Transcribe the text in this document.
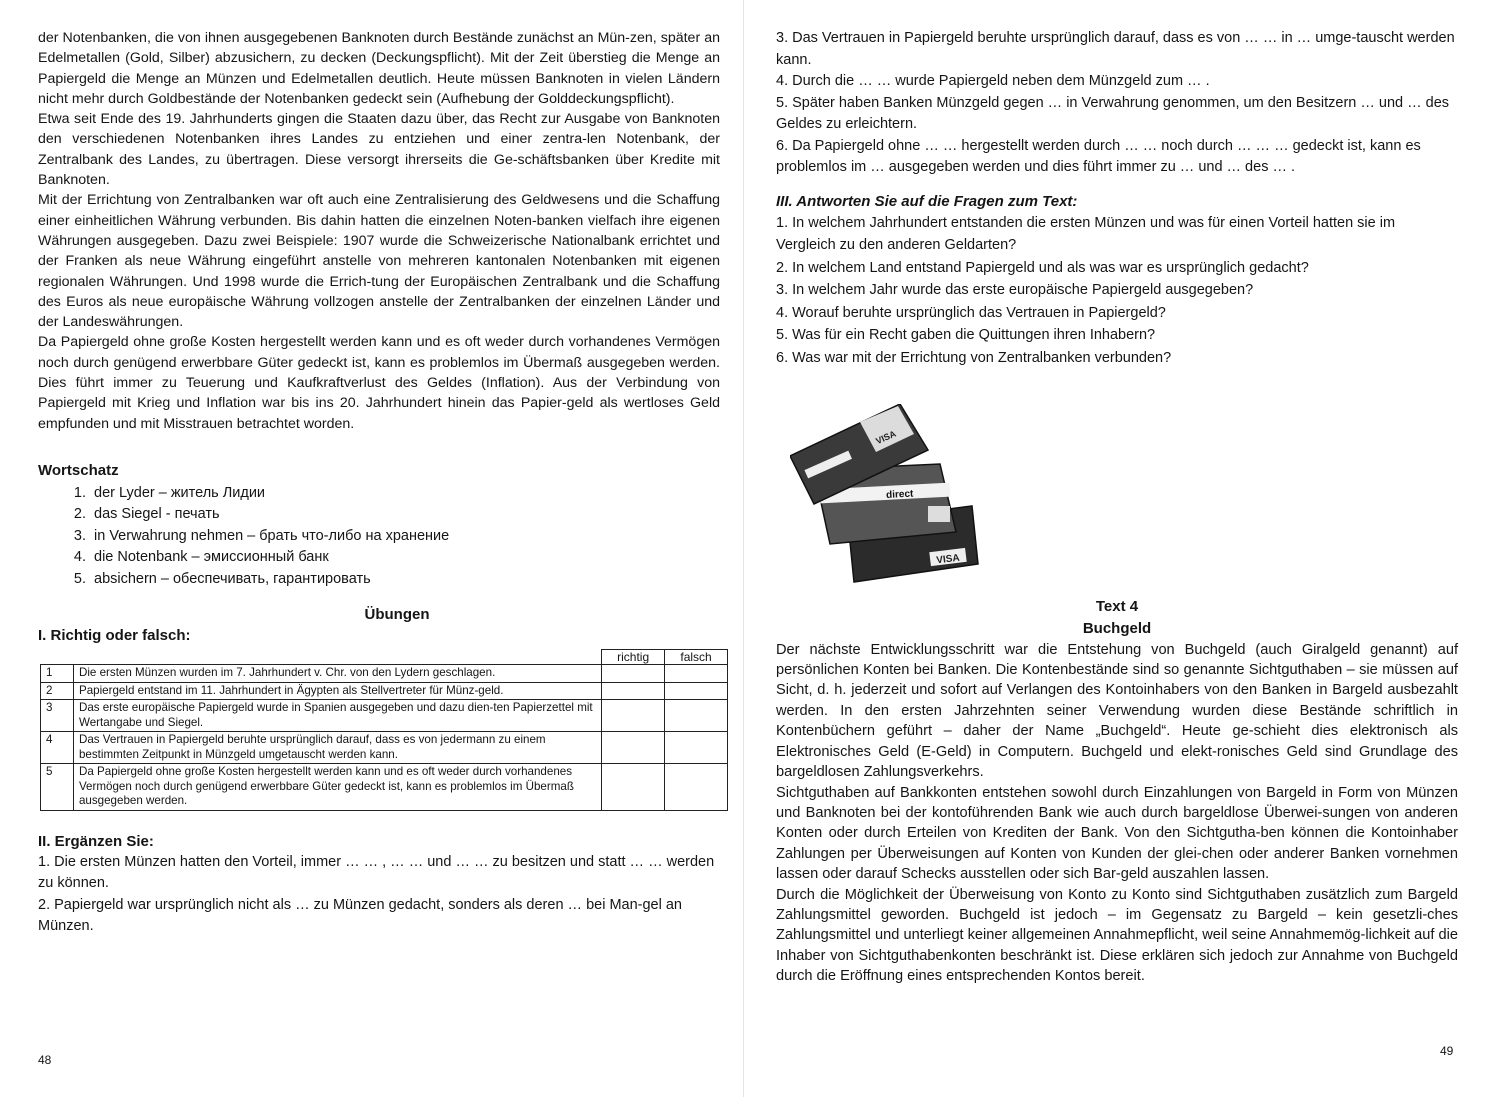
der Notenbanken, die von ihnen ausgegebenen Banknoten durch Bestände zunächst an Mün-zen, später an Edelmetallen (Gold, Silber) abzusichern, zu decken (Deckungspflicht). Mit der Zeit überstieg die Menge an Papiergeld die Menge an Münzen und Edelmetallen deutlich. Heute müssen Banknoten in vielen Ländern nicht mehr durch Goldbestände der Notenbanken gedeckt sein (Aufhebung der Golddeckungspflicht).

Etwa seit Ende des 19. Jahrhunderts gingen die Staaten dazu über, das Recht zur Ausgabe von Banknoten den verschiedenen Notenbanken ihres Landes zu entziehen und einer zentra-len Notenbank, der Zentralbank des Landes, zu übertragen. Diese versorgt ihrerseits die Ge-schäftsbanken über Kredite mit Banknoten.

Mit der Errichtung von Zentralbanken war oft auch eine Zentralisierung des Geldwesens und die Schaffung einer einheitlichen Währung verbunden. Bis dahin hatten die einzelnen Noten-banken vielfach ihre eigenen Währungen ausgegeben. Dazu zwei Beispiele: 1907 wurde die Schweizerische Nationalbank errichtet und der Franken als neue Währung eingeführt anstelle von mehreren kantonalen Notenbanken mit eigenen regionalen Währungen. Und 1998 wurde die Errich-tung der Europäischen Zentralbank und die Schaffung des Euros als neue europäische Währung vollzogen anstelle der Zentralbanken der einzelnen Länder und der Landeswährungen.

Da Papiergeld ohne große Kosten hergestellt werden kann und es oft weder durch vorhandenes Vermögen noch durch genügend erwerbbare Güter gedeckt ist, kann es problemlos im Übermaß ausgegeben werden. Dies führt immer zu Teuerung und Kaufkraftverlust des Geldes (Inflation). Aus der Verbindung von Papiergeld mit Krieg und Inflation war bis ins 20. Jahrhundert hinein das Papier-geld als wertloses Geld empfunden und mit Misstrauen betrachtet worden.

Wortschatz

1. der Lyder – житель Лидии
2. das Siegel - печать
3. in Verwahrung nehmen – брать что-либо на хранение
4. die Notenbank – эмиссионный банк
5. absichern – обеспечивать, гарантировать

Übungen

I. Richtig oder falsch:

		richtig	falsch
1	Die ersten Münzen wurden im 7. Jahrhundert v. Chr. von den Lydern geschlagen.		
2	Papiergeld entstand im 11. Jahrhundert in Ägypten als Stellvertreter für Münz-geld.		
3	Das erste europäische Papiergeld wurde in Spanien ausgegeben und dazu dien-ten Papierzettel mit Wertangabe und Siegel.		
4	Das Vertrauen in Papiergeld beruhte ursprünglich darauf, dass es von jedermann zu einem bestimmten Zeitpunkt in Münzgeld umgetauscht werden kann.		
5	Da Papiergeld ohne große Kosten hergestellt werden kann und es oft weder durch vorhandenes Vermögen noch durch genügend erwerbbare Güter gedeckt ist, kann es problemlos im Übermaß ausgegeben werden.		

II. Ergänzen Sie:

1. Die ersten Münzen hatten den Vorteil, immer … … , … … und … … zu besitzen und statt … … werden zu können.

2. Papiergeld war ursprünglich nicht als … zu Münzen gedacht, sonders als deren … bei Man-gel an Münzen.

48

3. Das Vertrauen in Papiergeld beruhte ursprünglich darauf, dass es von … … in … umge-tauscht werden kann.

4. Durch die … … wurde Papiergeld neben dem Münzgeld zum … .

5. Später haben Banken Münzgeld gegen … in Verwahrung genommen, um den Besitzern … und … des Geldes zu erleichtern.

6. Da Papiergeld ohne … … hergestellt werden durch … … noch durch … … … gedeckt ist, kann es problemlos im … ausgegeben werden und dies führt immer zu … und … des … .

III. Antworten Sie auf die Fragen zum Text:

1. In welchem Jahrhundert entstanden die ersten Münzen und was für einen Vorteil hatten sie im Vergleich zu den anderen Geldarten?

2. In welchem Land entstand Papiergeld und als was war es ursprünglich gedacht?

3. In welchem Jahr wurde das erste europäische Papiergeld ausgegeben?

4. Worauf beruhte ursprünglich das Vertrauen in Papiergeld?

5. Was für ein Recht gaben die Quittungen ihren Inhabern?

6. Was war mit der Errichtung von Zentralbanken verbunden?

Text 4

Buchgeld

Der nächste Entwicklungsschritt war die Entstehung von Buchgeld (auch Giralgeld genannt) auf persönlichen Konten bei Banken. Die Kontenbestände sind so genannte Sichtguthaben – sie müssen auf Sicht, d. h. jederzeit und sofort auf Verlangen des Kontoinhabers von den Banken in Bargeld ausbezahlt werden. In den ersten Jahrzehnten seiner Verwendung wurden diese Bestände schriftlich in Kontenbüchern geführt – daher der Name „Buchgeld“. Heute ge-schieht dies elektronisch als Elektronisches Geld (E-Geld) in Computern. Buchgeld und elekt-ronisches Geld sind Grundlage des bargeldlosen Zahlungsverkehrs.

Sichtguthaben auf Bankkonten entstehen sowohl durch Einzahlungen von Bargeld in Form von Münzen und Banknoten bei der kontoführenden Bank wie auch durch bargeldlose Überwei-sungen von anderen Konten oder durch Erteilen von Krediten der Bank. Von den Sichtgutha-ben können die Kontoinhaber Zahlungen per Überweisungen auf Konten von Kunden der glei-chen oder anderer Banken vornehmen lassen oder darauf Schecks ausstellen oder sich Bar-geld auszahlen lassen.

Durch die Möglichkeit der Überweisung von Konto zu Konto sind Sichtguthaben zusätzlich zum Bargeld Zahlungsmittel geworden. Buchgeld ist jedoch – im Gegensatz zu Bargeld – kein gesetzli-ches Zahlungsmittel und unterliegt keiner allgemeinen Annahmepflicht, weil seine Annahmemög-lichkeit auf die Inhaber von Sichtguthabenkonten beschränkt ist. Diese erklären sich jedoch zur Annahme von Buchgeld durch die Eröffnung eines entsprechenden Kontos bereit.

VISA
direct
VISA
49
